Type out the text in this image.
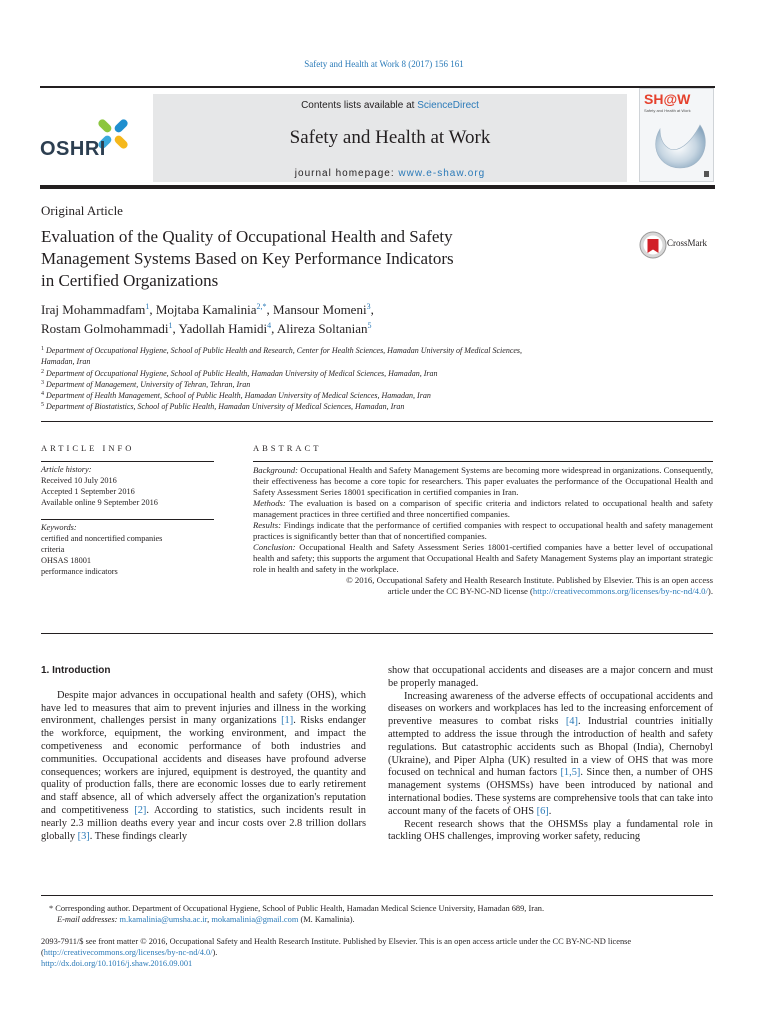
Safety and Health at Work 8 (2017) 156 161
OSHRI
Contents lists available at ScienceDirect
Safety and Health at Work
journal homepage: www.e-shaw.org
SH@W
Safety and Health at Work
Original Article
Evaluation of the Quality of Occupational Health and Safety
Management Systems Based on Key Performance Indicators
in Certified Organizations
CrossMark
Iraj Mohammadfam$^1$, Mojtaba Kamalinia$^{2,*}$, Mansour Momeni$^3$,
Rostam Golmohammadi$^1$, Yadollah Hamidi$^4$, Alireza Soltanian$^5$
$^1$ Department of Occupational Hygiene, School of Public Health and Research, Center for Health Sciences, Hamadan University of Medical Sciences,
Hamadan, Iran
$^2$ Department of Occupational Hygiene, School of Public Health, Hamadan University of Medical Sciences, Hamadan, Iran
$^3$ Department of Management, University of Tehran, Tehran, Iran
$^4$ Department of Health Management, School of Public Health, Hamadan University of Medical Sciences, Hamadan, Iran
$^5$ Department of Biostatistics, School of Public Health, Hamadan University of Medical Sciences, Hamadan, Iran
ARTICLE INFO	ABSTRACT
Article history:
Received 10 July 2016
Accepted 1 September 2016
Available online 9 September 2016
Keywords:
certified and noncertified companies
criteria
OHSAS 18001
performance indicators

Background: Occupational Health and Safety Management Systems are becoming more widespread in organizations. Consequently, their effectiveness has become a core topic for researchers. This paper evaluates the performance of the Occupational Health and Safety Assessment Series 18001 specification in certified companies in Iran.

Methods: The evaluation is based on a comparison of specific criteria and indictors related to occupational health and safety management practices in three certified and three noncertified companies.

Results: Findings indicate that the performance of certified companies with respect to occupational health and safety management practices is significantly better than that of noncertified companies.

Conclusion: Occupational Health and Safety Assessment Series 18001-certified companies have a better level of occupational health and safety; this supports the argument that Occupational Health and Safety Management Systems play an important strategic role in health and safety in the workplace.

© 2016, Occupational Safety and Health Research Institute. Published by Elsevier. This is an open access
article under the CC BY-NC-ND license (http://creativecommons.org/licenses/by-nc-nd/4.0/).

1. Introduction

Despite major advances in occupational health and safety (OHS), which have led to measures that aim to prevent injuries and illness in the working environment, challenges persist in many organizations [1]. Risks endanger the workforce, equipment, the working environment, and impact the competiveness and economic performance of both industries and communities. Occupational accidents and diseases have profound adverse consequences; workers are injured, equipment is destroyed, the quantity and quality of production falls, there are economic losses due to early retirement and staff absence, all of which adversely affect the organization's reputation and competitiveness [2]. According to statistics, such incidents result in nearly 2.3 million deaths every year and incur costs over 2.8 trillion dollars globally [3]. These findings clearly

show that occupational accidents and diseases are a major concern and must be properly managed.

Increasing awareness of the adverse effects of occupational accidents and diseases on workers and workplaces has led to the increasing enforcement of preventive measures to combat risks [4]. Industrial countries initially attempted to address the issue through the introduction of health and safety regulations. But catastrophic accidents such as Bhopal (India), Chernobyl (Ukraine), and Piper Alpha (UK) resulted in a view of OHS that was more focused on technical and human factors [1,5]. Since then, a number of OHS management systems (OHSMSs) have been introduced by national and international bodies. These systems are comprehensive tools that can take into account many of the facets of OHS [6].

Recent research shows that the OHSMSs play a fundamental role in tackling OHS challenges, improving worker safety, reducing

* Corresponding author. Department of Occupational Hygiene, School of Public Health, Hamadan Medical Science University, Hamadan 689, Iran.
E-mail addresses: m.kamalinia@umsha.ac.ir, mokamalinia@gmail.com (M. Kamalinia).
2093-7911/$ see front matter © 2016, Occupational Safety and Health Research Institute. Published by Elsevier. This is an open access article under the CC BY-NC-ND license
(http://creativecommons.org/licenses/by-nc-nd/4.0/).
http://dx.doi.org/10.1016/j.shaw.2016.09.001
